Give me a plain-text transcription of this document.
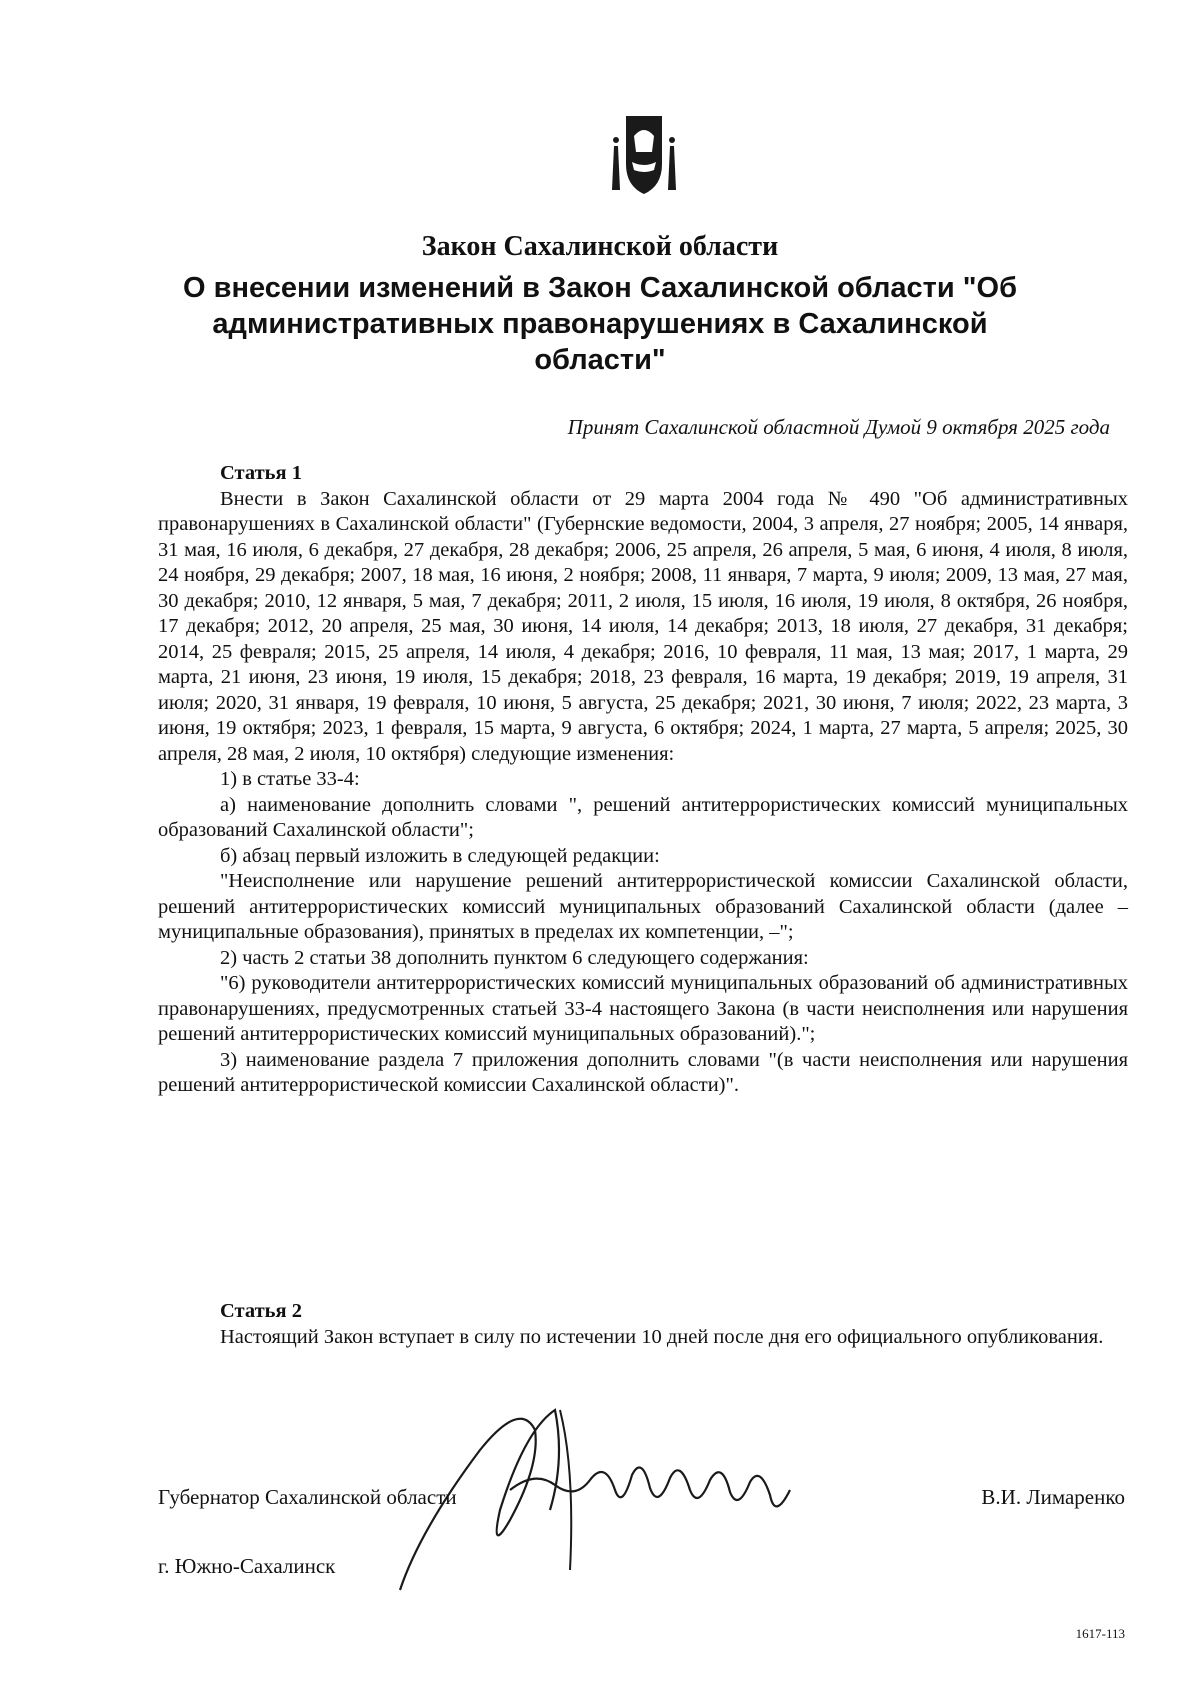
Закон Сахалинской области
О внесении изменений в Закон Сахалинской области "Об административных правонарушениях в Сахалинской области"
Принят Сахалинской областной Думой 9 октября 2025 года

Статья 1

Внести в Закон Сахалинской области от 29 марта 2004 года № 490 "Об административных правонарушениях в Сахалинской области" (Губернские ведомости, 2004, 3 апреля, 27 ноября; 2005, 14 января, 31 мая, 16 июля, 6 декабря, 27 декабря, 28 декабря; 2006, 25 апреля, 26 апреля, 5 мая, 6 июня, 4 июля, 8 июля, 24 ноября, 29 декабря; 2007, 18 мая, 16 июня, 2 ноября; 2008, 11 января, 7 марта, 9 июля; 2009, 13 мая, 27 мая, 30 декабря; 2010, 12 января, 5 мая, 7 декабря; 2011, 2 июля, 15 июля, 16 июля, 19 июля, 8 октября, 26 ноября, 17 декабря; 2012, 20 апреля, 25 мая, 30 июня, 14 июля, 14 декабря; 2013, 18 июля, 27 декабря, 31 декабря; 2014, 25 февраля; 2015, 25 апреля, 14 июля, 4 декабря; 2016, 10 февраля, 11 мая, 13 мая; 2017, 1 марта, 29 марта, 21 июня, 23 июня, 19 июля, 15 декабря; 2018, 23 февраля, 16 марта, 19 декабря; 2019, 19 апреля, 31 июля; 2020, 31 января, 19 февраля, 10 июня, 5 августа, 25 декабря; 2021, 30 июня, 7 июля; 2022, 23 марта, 3 июня, 19 октября; 2023, 1 февраля, 15 марта, 9 августа, 6 октября; 2024, 1 марта, 27 марта, 5 апреля; 2025, 30 апреля, 28 мая, 2 июля, 10 октября) следующие изменения:

1) в статье 33-4:

а) наименование дополнить словами ", решений антитеррористических комиссий муниципальных образований Сахалинской области";

б) абзац первый изложить в следующей редакции:

"Неисполнение или нарушение решений антитеррористической комиссии Сахалинской области, решений антитеррористических комиссий муниципальных образований Сахалинской области (далее – муниципальные образования), принятых в пределах их компетенции, –";

2) часть 2 статьи 38 дополнить пунктом 6 следующего содержания:

"6) руководители антитеррористических комиссий муниципальных образований об административных правонарушениях, предусмотренных статьей 33-4 настоящего Закона (в части неисполнения или нарушения решений антитеррористических комиссий муниципальных образований).";

3) наименование раздела 7 приложения дополнить словами "(в части неисполнения или нарушения решений антитеррористической комиссии Сахалинской области)".

Статья 2

Настоящий Закон вступает в силу по истечении 10 дней после дня его официального опубликования.

Губернатор Сахалинской области	В.И. Лимаренко
г. Южно-Сахалинск
1617-113
